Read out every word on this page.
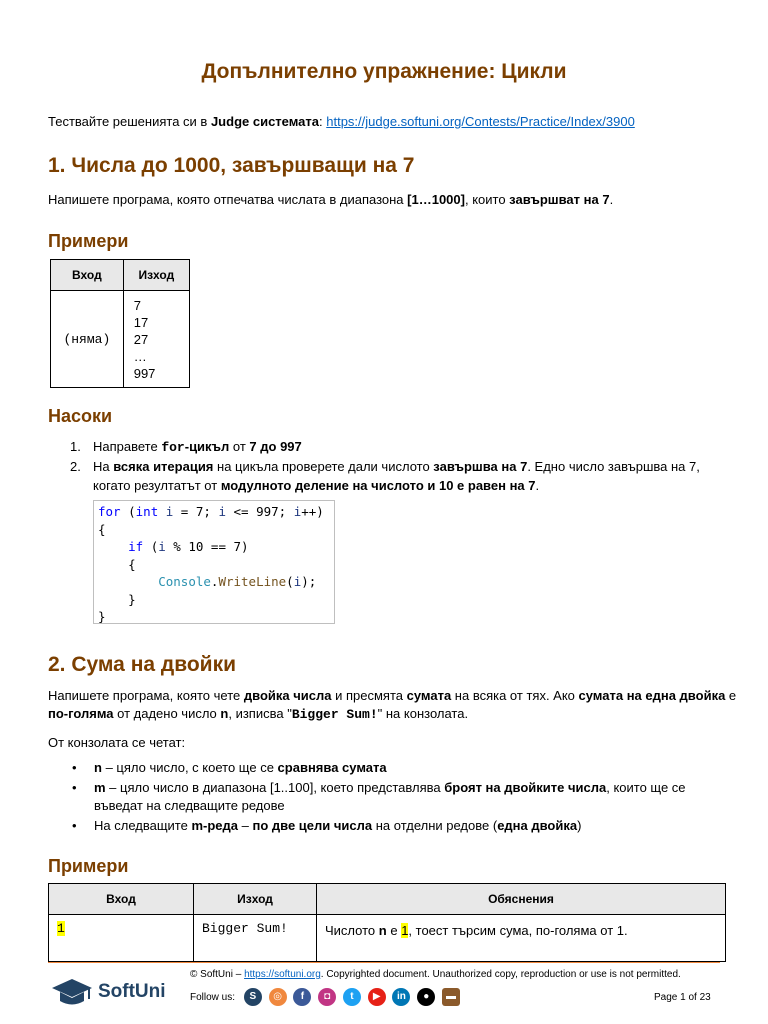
Допълнително упражнение: Цикли
Тествайте решенията си в Judge системата: https://judge.softuni.org/Contests/Practice/Index/3900
1. Числа до 1000, завършващи на 7
Напишете програма, която отпечатва числата в диапазона [1…1000], които завършват на 7.
Примери
Вход	Изход
(няма)	7
17
27
…
997
Насоки
1. Направете for-цикъл от 7 до 997
2. На всяка итерация на цикъла проверете дали числото завършва на 7. Едно число завършва на 7,
когато резултатът от модулното деление на числото и 10 е равен на 7.
for (int i = 7; i <= 997; i++)
{
if (i % 10 == 7)
{
Console.WriteLine(i);
}
}
2. Сума на двойки
Напишете програма, която чете двойка числа и пресмята сумата на всяка от тях. Ако сумата на една двойка е
по-голяма от дадено число n, изписва "Bigger Sum!" на конзолата.
От конзолата се четат:
• n – цяло число, с което ще се сравнява сумата
• m – цяло число в диапазона [1..100], което представлява броят на двойките числа, които ще се
въведат на следващите редове
• На следващите m-реда – по две цели числа на отделни редове (една двойка)
Примери
Вход	Изход	Обяснения
1	Bigger Sum!	Числото n е 1, тоест търсим сума, по-голяма от 1.
SoftUni
© SoftUni – https://softuni.org. Copyrighted document. Unauthorized copy, reproduction or use is not permitted.
Follow us: S ◎ f ◘ t ▶ in ● ▬	Page 1 of 23
